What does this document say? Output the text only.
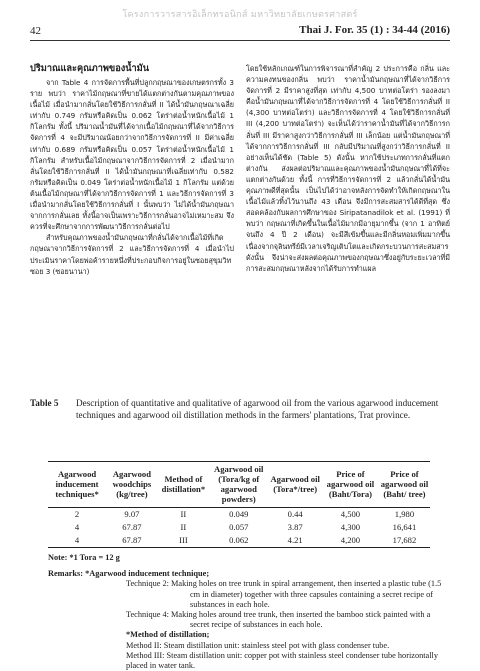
โครงการวารสารอิเล็กทรอนิกส์ มหาวิทยาลัยเกษตรศาสตร์
42	Thai J. For. 35 (1) : 34-44 (2016)

ปริมาณและคุณภาพของน้ำมัน

จาก Table 4 การจัดการพื้นที่ปลูกกฤษณาของเกษตรกรทั้ง 3 ราย พบว่า ราคาไม้กฤษณาที่ขายได้แตกต่างกันตามคุณภาพของเนื้อไม้ เมื่อนำมากลั่นโดยใช้วิธีการกลั่นที่ II ได้น้ำมันกฤษณาเฉลี่ยเท่ากับ 0.749 กรัมหรือคิดเป็น 0.062 โตร่าต่อน้ำหนักเนื้อไม้ 1 กิโลกรัม ทั้งนี้ ปริมาณน้ำมันที่ได้จากเนื้อไม้กฤษณาที่ได้จากวิธีการจัดการที่ 4 จะมีปริมาณน้อยกว่าจากวิธีการจัดการที่ II มีค่าเฉลี่ยเท่ากับ 0.689 กรัมหรือคิดเป็น 0.057 โตร่าต่อน้ำหนักเนื้อไม้ 1 กิโลกรัม สำหรับเนื้อไม้กฤษณาจากวิธีการจัดการที่ 2 เมื่อนำมากลั่นโดยใช้วิธีการกลั่นที่ II ได้น้ำมันกฤษณาที่เฉลี่ยเท่ากับ 0.582 กรัมหรือคิดเป็น 0.049 โตร่าต่อน้ำหนักเนื้อไม้ 1 กิโลกรัม แต่ด้วยต้นเนื้อไม้กฤษณาที่ได้จากวิธีการจัดการที่ 1 และวิธีการจัดการที่ 3 เมื่อนำมากลั่นโดยใช้วิธีการกลั่นที่ I นั้นพบว่า ไม่ได้น้ำมันกฤษณาจากการกลั่นเลย ทั้งนี้อาจเป็นเพราะวิธีการกลั่นอาจไม่เหมาะสม จึงควรที่จะศึกษาจากการพัฒนาวิธีการกลั่นต่อไป

สำหรับคุณภาพของน้ำมันกฤษณาที่กลั่นได้จากเนื้อไม้ที่เกิดกฤษณาจากวิธีการจัดการที่ 2 และวิธีการจัดการที่ 4 เมื่อนำไปประเมินราคาโดยพ่อค้ารายหนึ่งที่ประกอบกิจการอยู่ในซอยสุขุมวิทซอย 3 (ซอยนานา)

โดยใช้หลักเกณฑ์ในการพิจารณาที่สำคัญ 2 ประการคือ กลิ่น และความคงทนของกลิ่น พบว่า ราคาน้ำมันกฤษณาที่ได้จากวิธีการจัดการที่ 2 มีราคาสูงที่สุด เท่ากับ 4,500 บาทต่อโตร่า รองลงมาคือน้ำมันกฤษณาที่ได้จากวิธีการจัดการที่ 4 โดยใช้วิธีการกลั่นที่ II (4,300 บาทต่อโตร่า) และวิธีการจัดการที่ 4 โดยใช้วิธีการกลั่นที่ III (4,200 บาทต่อโตร่า) จะเห็นได้ว่าราคาน้ำมันที่ได้จากวิธีการกลั่นที่ III มีราคาสูงกว่าวิธีการกลั่นที่ III เล็กน้อย แต่น้ำมันกฤษณาที่ได้จากการวิธีการกลั่นที่ III กลับมีปริมาณที่สูงกว่าวิธีการกลั่นที่ II อย่างเห็นได้ชัด (Table 5) ดังนั้น หากใช้ประเภทการกลั่นที่แตกต่างกัน ส่งผลต่อปริมาณและคุณภาพของน้ำมันกฤษณาที่ได้ที่จะแตกต่างกันด้วย ทั้งนี้ การที่วิธีการจัดการที่ 2 แล้วกลั่นได้น้ำมันคุณภาพดีที่สุดนั้น เป็นไปได้ว่าอาจหลังการจัดทำให้เกิดกฤษณาในเนื้อไม้แล้วทิ้งไว้นานถึง 43 เดือน จึงมีการสะสมสารได้ดีที่สุด ซึ่งสอดคล้องกับผลการศึกษาของ Siripatanadilok et al. (1991) ที่พบว่า กฤษณาที่เกิดขึ้นในเนื้อไม้มากมีอายุมากขึ้น (จาก 1 อาทิตย์ จนถึง 4 ปี 2 เดือน) จะมีสีเข้มขึ้นและมีกลิ่นหอมเพิ่มมากขึ้น เนื่องจากจุลินทรีย์มีเวลาเจริญเติบโตและเกิดกระบวนการสะสมสาร ดังนั้น จึงน่าจะส่งผลต่อคุณภาพของกฤษณาซึ่งอยู่กับระยะเวลาที่มีการสะสมกฤษณาหลังจากได้รับการทำแผล

Table 5 Description of quantitative and qualitative of agarwood oil from the various agarwood inducement techniques and agarwood oil distillation methods in the farmers' plantations, Trat province.
Agarwood inducement techniques*	Agarwood woodchips (kg/tree)	Method of distillation*	Agarwood oil (Tora/kg of agarwood powders)	Agarwood oil (Tora*/tree)	Price of agarwood oil (Baht/Tora)	Price of agarwood oil (Baht/ tree)
2	9.07	II	0.049	0.44	4,500	1,980
4	67.87	II	0.057	3.87	4,300	16,641
4	67.87	III	0.062	4.21	4,200	17,682

Note: *1 Tora = 12 g

Remarks: *Agarwood inducement technique;

Technique 2: Making holes on tree trunk in spiral arrangement, then inserted a plastic tube (1.5 cm in diameter) together with three capsules containing a secret recipe of substances in each hole.

Technique 4: Making holes around tree trunk, then inserted the bamboo stick painted with a secret recipe of substances in each hole.

*Method of distillation;

Method II: Steam distillation unit: stainless steel pot with glass condenser tube.

Method III: Steam distillation unit: copper pot with stainless steel condenser tube horizontally placed in water tank.
